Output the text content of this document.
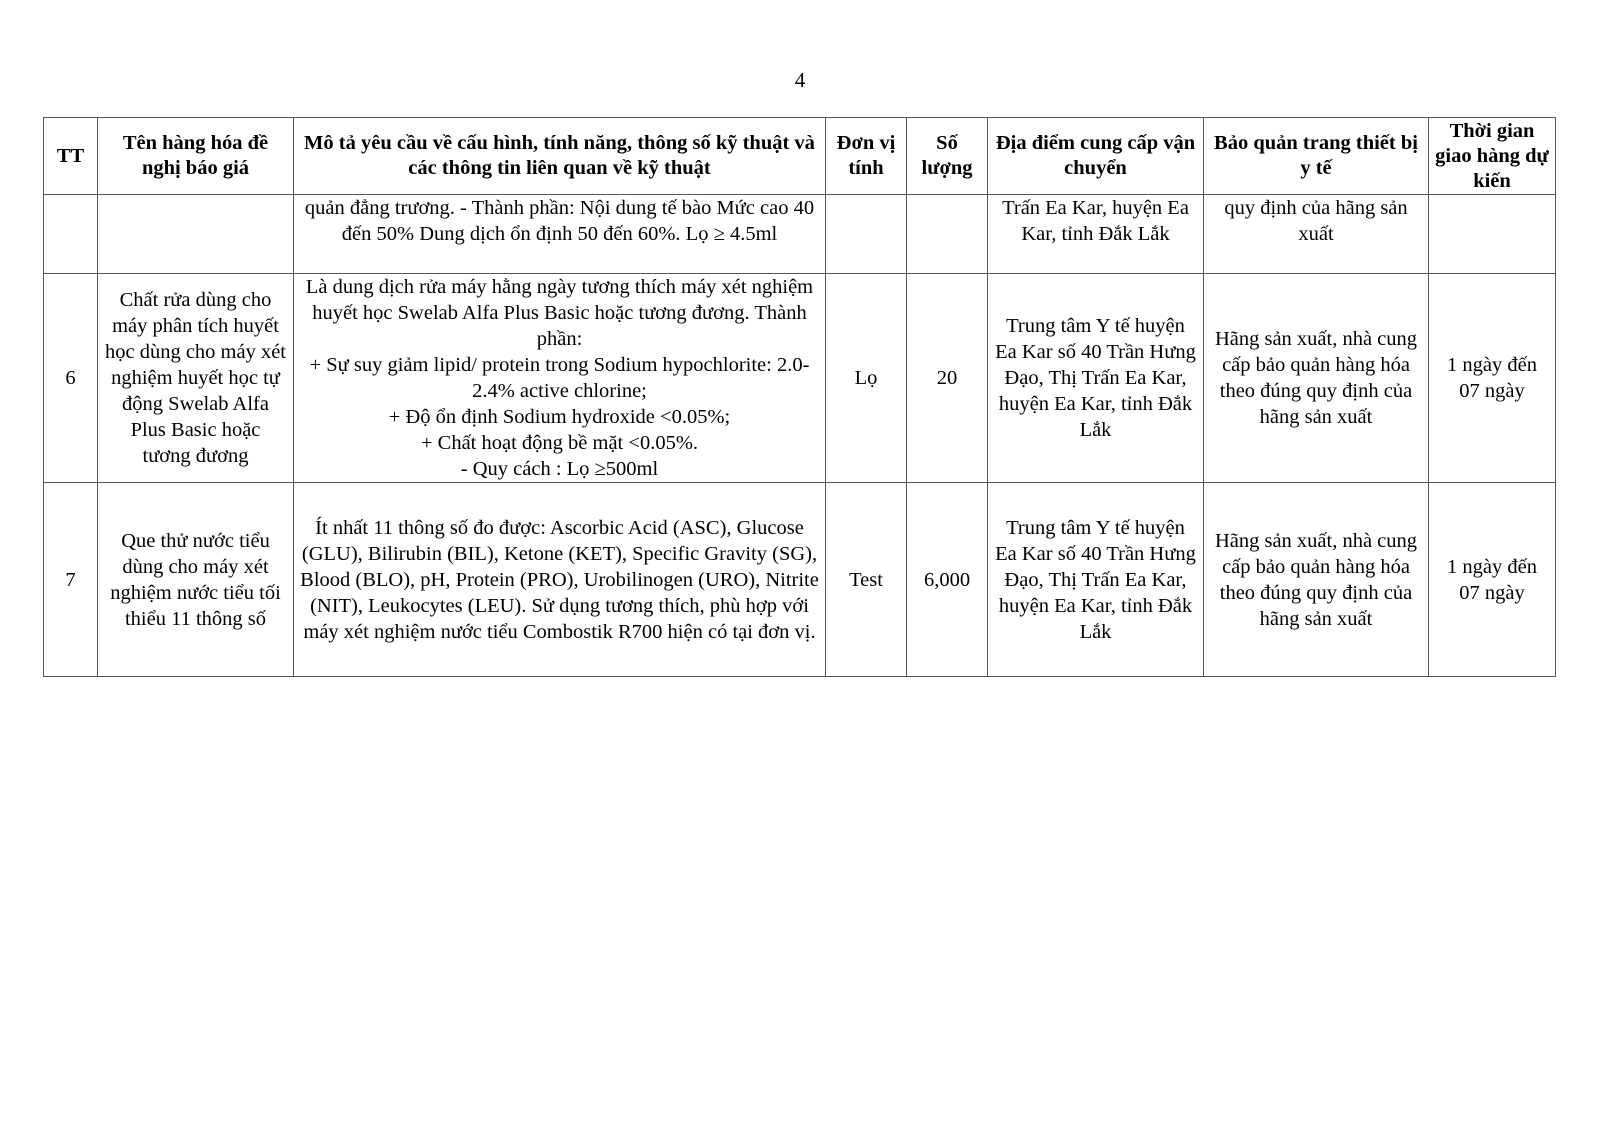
4
TT	Tên hàng hóa đề nghị báo giá	Mô tả yêu cầu về cấu hình, tính năng, thông số kỹ thuật và các thông tin liên quan về kỹ thuật	Đơn vị tính	Số lượng	Địa điểm cung cấp vận chuyển	Bảo quản trang thiết bị y tế	Thời gian giao hàng dự kiến
		quản đẳng trương. - Thành phần: Nội dung tế bào Mức cao 40 đến 50% Dung dịch ổn định 50 đến 60%. Lọ ≥ 4.5ml			Trấn Ea Kar, huyện Ea Kar, tỉnh Đắk Lắk	quy định của hãng sản xuất	
6	Chất rửa dùng cho máy phân tích huyết học dùng cho máy xét nghiệm huyết học tự động Swelab Alfa Plus Basic hoặc tương đương	Là dung dịch rửa máy hằng ngày tương thích máy xét nghiệm huyết học Swelab Alfa Plus Basic hoặc tương đương. Thành phần:
+ Sự suy giảm lipid/ protein trong Sodium hypochlorite: 2.0-2.4% active chlorine;
+ Độ ổn định Sodium hydroxide <0.05%;
+ Chất hoạt động bề mặt <0.05%.
- Quy cách : Lọ ≥500ml	Lọ	20	Trung tâm Y tế huyện Ea Kar số 40 Trần Hưng Đạo, Thị Trấn Ea Kar, huyện Ea Kar, tỉnh Đắk Lắk	Hãng sản xuất, nhà cung cấp bảo quản hàng hóa theo đúng quy định của hãng sản xuất	1 ngày đến 07 ngày
7	Que thử nước tiểu dùng cho máy xét nghiệm nước tiểu tối thiểu 11 thông số	Ít nhất 11 thông số đo được: Ascorbic Acid (ASC), Glucose (GLU), Bilirubin (BIL), Ketone (KET), Specific Gravity (SG), Blood (BLO), pH, Protein (PRO), Urobilinogen (URO), Nitrite (NIT), Leukocytes (LEU). Sử dụng tương thích, phù hợp với máy xét nghiệm nước tiểu Combostik R700 hiện có tại đơn vị.	Test	6,000	Trung tâm Y tế huyện Ea Kar số 40 Trần Hưng Đạo, Thị Trấn Ea Kar, huyện Ea Kar, tỉnh Đắk Lắk	Hãng sản xuất, nhà cung cấp bảo quản hàng hóa theo đúng quy định của hãng sản xuất	1 ngày đến 07 ngày
